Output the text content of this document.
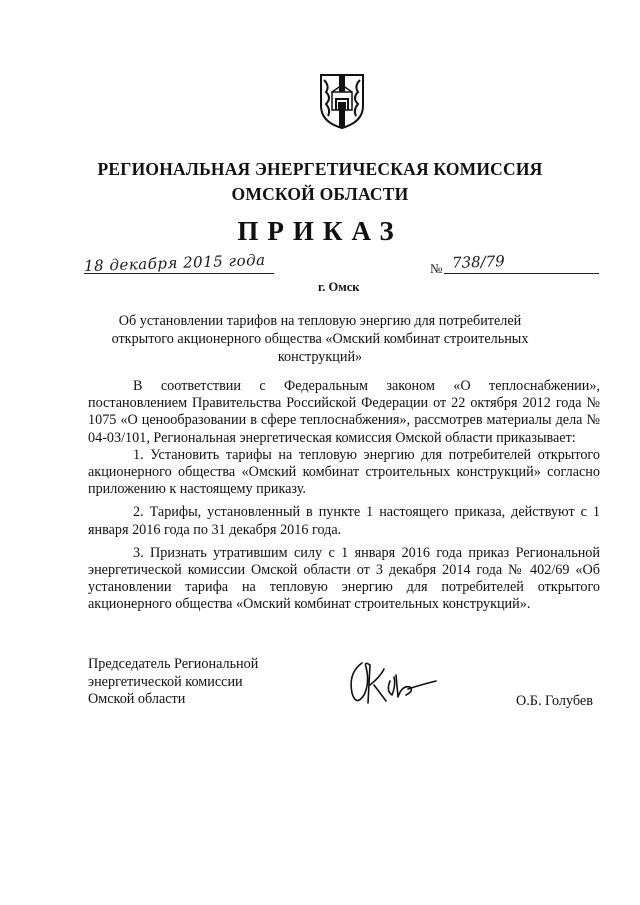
РЕГИОНАЛЬНАЯ ЭНЕРГЕТИЧЕСКАЯ КОМИССИЯ
ОМСКОЙ ОБЛАСТИ
ПРИКАЗ
18 декабря 2015 года
г. Омск
№ 738/79
Об установлении тарифов на тепловую энергию для потребителей открытого акционерного общества «Омский комбинат строительных конструкций»

В соответствии с Федеральным законом «О теплоснабжении», постановлением Правительства Российской Федерации от 22 октября 2012 года № 1075 «О ценообразовании в сфере теплоснабжения», рассмотрев материалы дела № 04-03/101, Региональная энергетическая комиссия Омской области приказывает:

1. Установить тарифы на тепловую энергию для потребителей открытого акционерного общества «Омский комбинат строительных конструкций» согласно приложению к настоящему приказу.

2. Тарифы, установленный в пункте 1 настоящего приказа, действуют с 1 января 2016 года по 31 декабря 2016 года.

3. Признать утратившим силу с 1 января 2016 года приказ Региональной энергетической комиссии Омской области от 3 декабря 2014 года № 402/69 «Об установлении тарифа на тепловую энергию для потребителей открытого акционерного общества «Омский комбинат строительных конструкций».

Председатель Региональной
энергетической комиссии
Омской области	О.Б. Голубев
